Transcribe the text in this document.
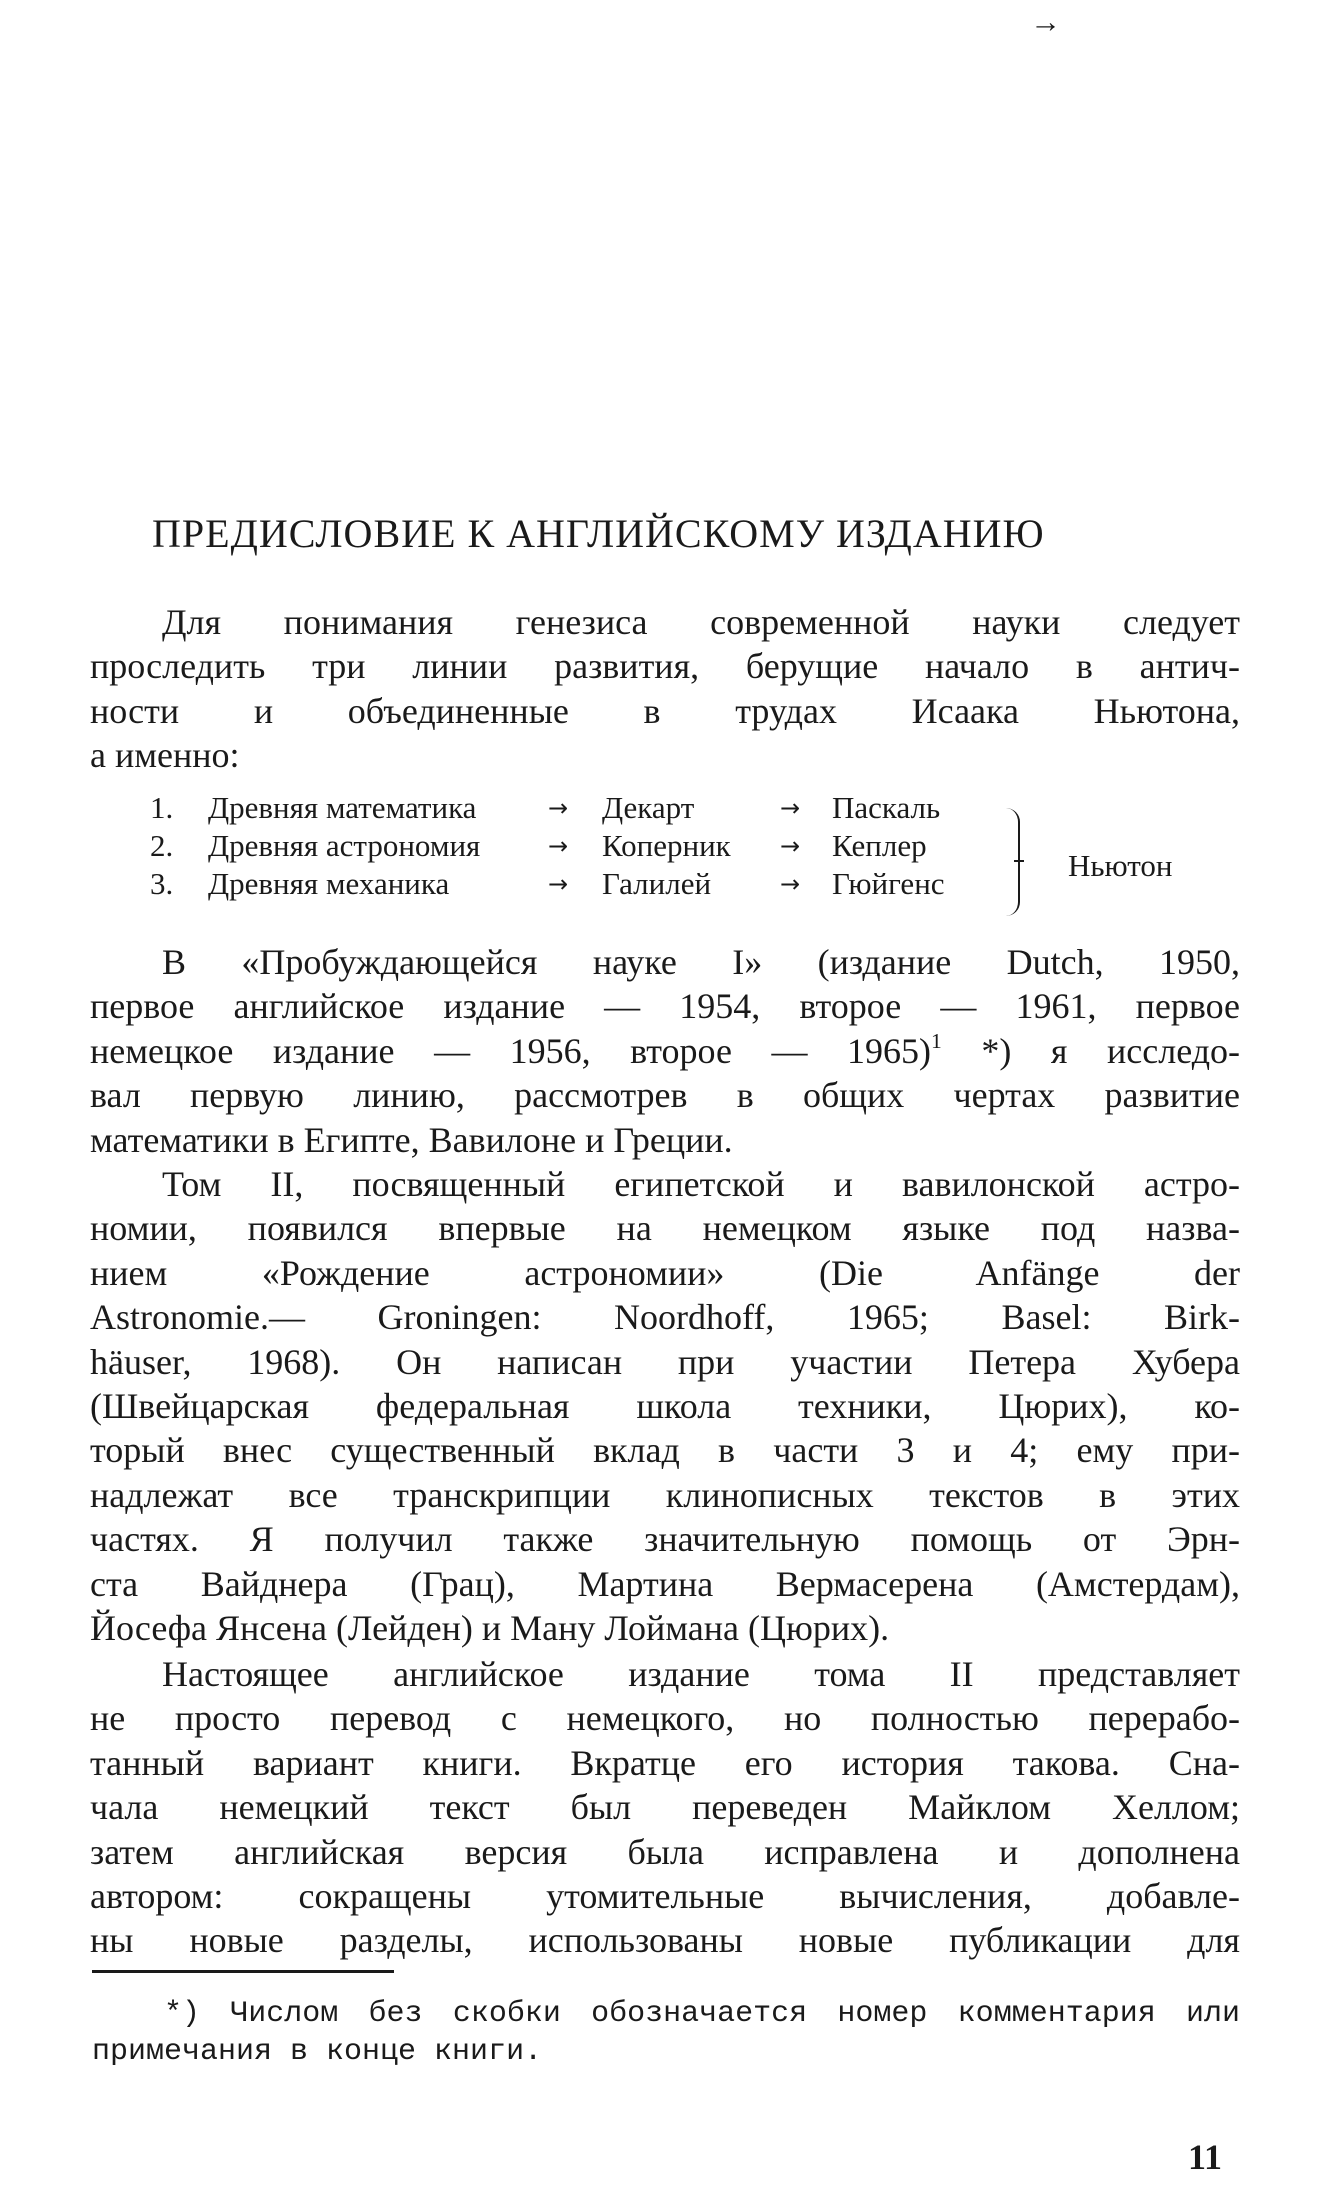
ПРЕДИСЛОВИЕ К АНГЛИЙСКОМУ ИЗДАНИЮ

Для понимания генезиса современной науки следует
проследить три линии развития, берущие начало в антич-
ности и объединенные в трудах Исаака Ньютона,
а именно:

1. Древняя математика	→ Декарт	→ Паскаль
2. Древняя астрономия	→ Коперник → Кеплер
3. Древняя механика	→ Галилей	→ Гюйгенс
→
Ньютон

В «Пробуждающейся науке I» (издание Dutch, 1950,
первое английское издание — 1954, второе — 1961, первое
немецкое издание — 1956, второе — 1965)$^1$ *) я исследо-
вал первую линию, рассмотрев в общих чертах развитие
математики в Египте, Вавилоне и Греции.

Том II, посвященный египетской и вавилонской астро-
номии, появился впервые на немецком языке под назва-
нием «Рождение астрономии» (Die Anfänge der
Astronomie.— Groningen: Noordhoff, 1965; Basel: Birk-
häuser, 1968). Он написан при участии Петера Хубера
(Швейцарская федеральная школа техники, Цюрих), ко-
торый внес существенный вклад в части 3 и 4; ему при-
надлежат все транскрипции клинописных текстов в этих
частях. Я получил также значительную помощь от Эрн-
ста Вайднера (Грац), Мартина Вермасерена (Амстердам),
Йосефа Янсена (Лейден) и Ману Лоймана (Цюрих).

Настоящее английское издание тома II представляет
не просто перевод с немецкого, но полностью перерабо-
танный вариант книги. Вкратце его история такова. Сна-
чала немецкий текст был переведен Майклом Хеллом;
затем английская версия была исправлена и дополнена
автором: сокращены утомительные вычисления, добавле-
ны новые разделы, использованы новые публикации для

*) Числом без скобки обозначается номер комментария или
примечания в конце книги.
11
